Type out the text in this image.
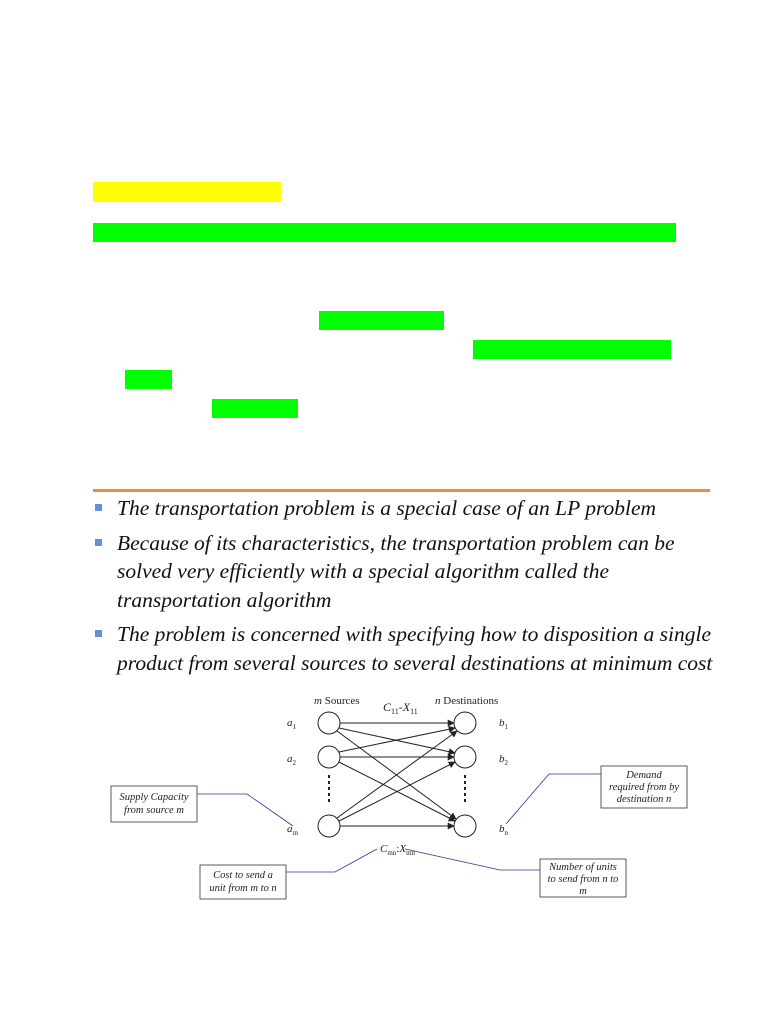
The transportation problem is a special case of an LP problem
Because of its characteristics, the transportation problem can be solved very efficiently with a special algorithm called the transportation algorithm
The problem is concerned with specifying how to disposition a single product from several sources to several destinations at minimum cost
m Sources	n Destinations
$C_{11}-X_{11}$
$a_1$
$a_2$
$a_m$
$b_1$
$b_2$
$b_n$
$C_{mn}:X_{mn}$
Supply Capacity
from source m
Demand
required from by
destination n
Cost to send a
unit from m to n
Number of units
to send from n to
m
